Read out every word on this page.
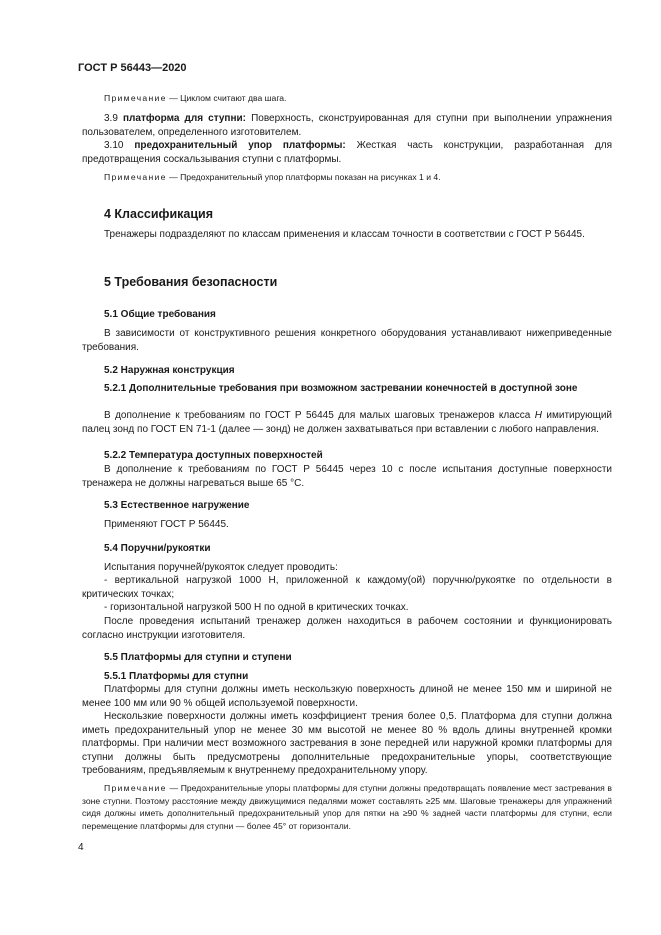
ГОСТ Р 56443—2020

Примечание — Циклом считают два шага.

3.9 платформа для ступни: Поверхность, сконструированная для ступни при выполнении упражнения пользователем, определенного изготовителем.

3.10 предохранительный упор платформы: Жесткая часть конструкции, разработанная для предотвращения соскальзывания ступни с платформы.

Примечание — Предохранительный упор платформы показан на рисунках 1 и 4.

4 Классификация

Тренажеры подразделяют по классам применения и классам точности в соответствии с ГОСТ Р 56445.

5 Требования безопасности

5.1 Общие требования

В зависимости от конструктивного решения конкретного оборудования устанавливают нижеприведенные требования.

5.2 Наружная конструкция

5.2.1 Дополнительные требования при возможном застревании конечностей в доступной зоне

В дополнение к требованиям по ГОСТ Р 56445 для малых шаговых тренажеров класса Н имитирующий палец зонд по ГОСТ EN 71-1 (далее — зонд) не должен захватываться при вставлении с любого направления.

5.2.2 Температура доступных поверхностей

В дополнение к требованиям по ГОСТ Р 56445 через 10 с после испытания доступные поверхности тренажера не должны нагреваться выше 65 °С.

5.3 Естественное нагружение

Применяют ГОСТ Р 56445.

5.4 Поручни/рукоятки

Испытания поручней/рукояток следует проводить:

- вертикальной нагрузкой 1000 Н, приложенной к каждому(ой) поручню/рукоятке по отдельности в критических точках;

- горизонтальной нагрузкой 500 Н по одной в критических точках.

После проведения испытаний тренажер должен находиться в рабочем состоянии и функционировать согласно инструкции изготовителя.

5.5 Платформы для ступни и ступени

5.5.1 Платформы для ступни

Платформы для ступни должны иметь нескользкую поверхность длиной не менее 150 мм и шириной не менее 100 мм или 90 % общей используемой поверхности.

Нескользкие поверхности должны иметь коэффициент трения более 0,5. Платформа для ступни должна иметь предохранительный упор не менее 30 мм высотой не менее 80 % вдоль длины внутренней кромки платформы. При наличии мест возможного застревания в зоне передней или наружной кромки платформы для ступни должны быть предусмотрены дополнительные предохранительные упоры, соответствующие требованиям, предъявляемым к внутреннему предохранительному упору.

Примечание — Предохранительные упоры платформы для ступни должны предотвращать появление мест застревания в зоне ступни. Поэтому расстояние между движущимися педалями может составлять ≥25 мм. Шаговые тренажеры для упражнений сидя должны иметь дополнительный предохранительный упор для пятки на ≥90 % задней части платформы для ступни, если перемещение платформы для ступни — более 45° от горизонтали.

4
